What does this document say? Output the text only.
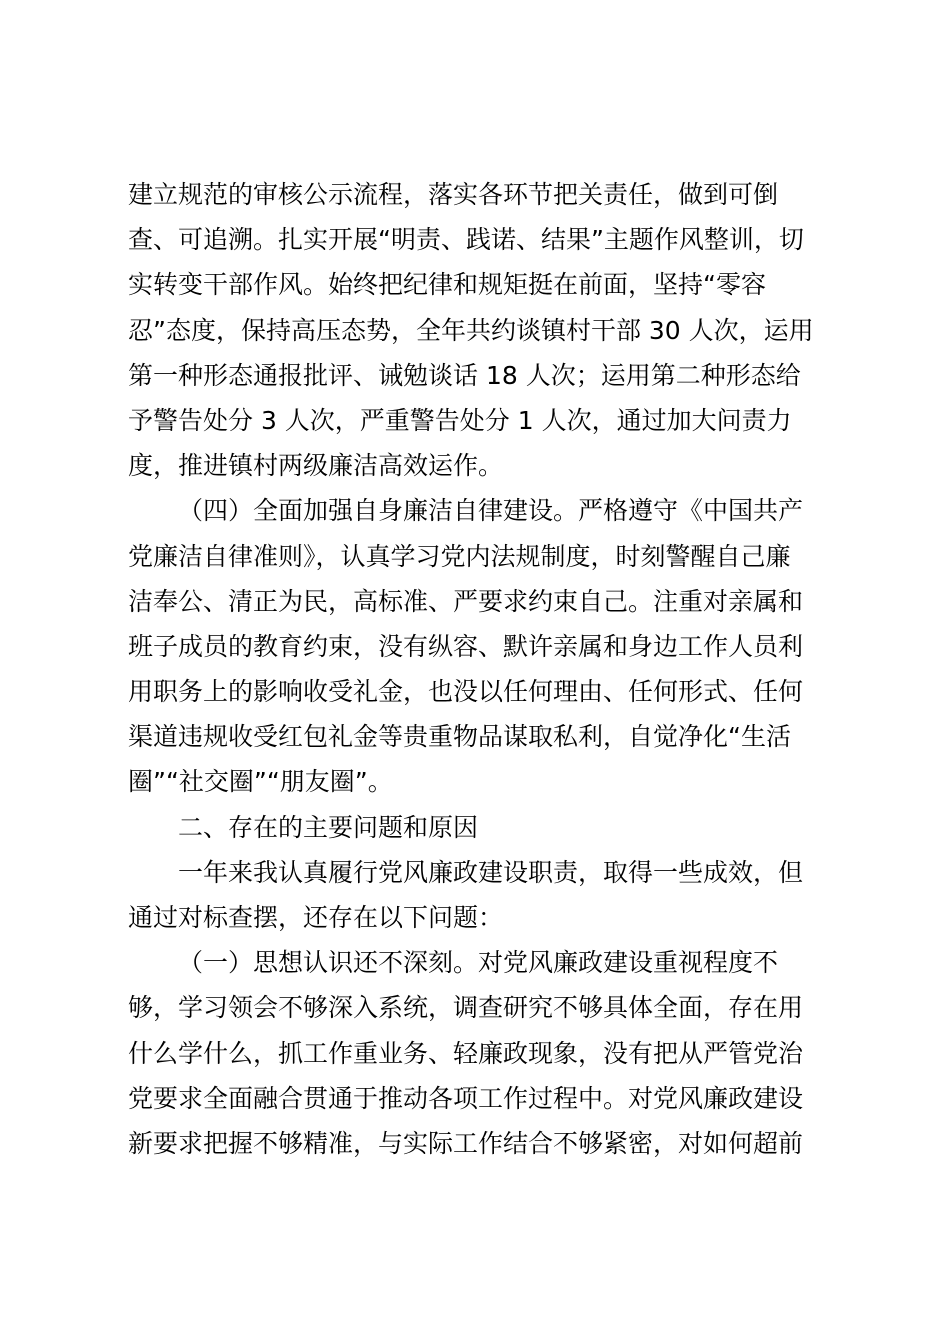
建立规范的审核公示流程，落实各环节把关责任，做到可倒
查、可追溯。扎实开展“明责、践诺、结果”主题作风整训，切
实转变干部作风。始终把纪律和规矩挺在前面，坚持“零容
忍”态度，保持高压态势，全年共约谈镇村干部 30 人次，运用
第一种形态通报批评、诫勉谈话 18 人次；运用第二种形态给
予警告处分 3 人次，严重警告处分 1 人次，通过加大问责力
度，推进镇村两级廉洁高效运作。
（四）全面加强自身廉洁自律建设。严格遵守《中国共产
党廉洁自律准则》，认真学习党内法规制度，时刻警醒自己廉
洁奉公、清正为民，高标准、严要求约束自己。注重对亲属和
班子成员的教育约束，没有纵容、默许亲属和身边工作人员利
用职务上的影响收受礼金，也没以任何理由、任何形式、任何
渠道违规收受红包礼金等贵重物品谋取私利，自觉净化“生活
圈”“社交圈”“朋友圈”。
二、存在的主要问题和原因
一年来我认真履行党风廉政建设职责，取得一些成效，但
通过对标查摆，还存在以下问题：
（一）思想认识还不深刻。对党风廉政建设重视程度不
够，学习领会不够深入系统，调查研究不够具体全面，存在用
什么学什么，抓工作重业务、轻廉政现象，没有把从严管党治
党要求全面融合贯通于推动各项工作过程中。对党风廉政建设
新要求把握不够精准，与实际工作结合不够紧密，对如何超前
